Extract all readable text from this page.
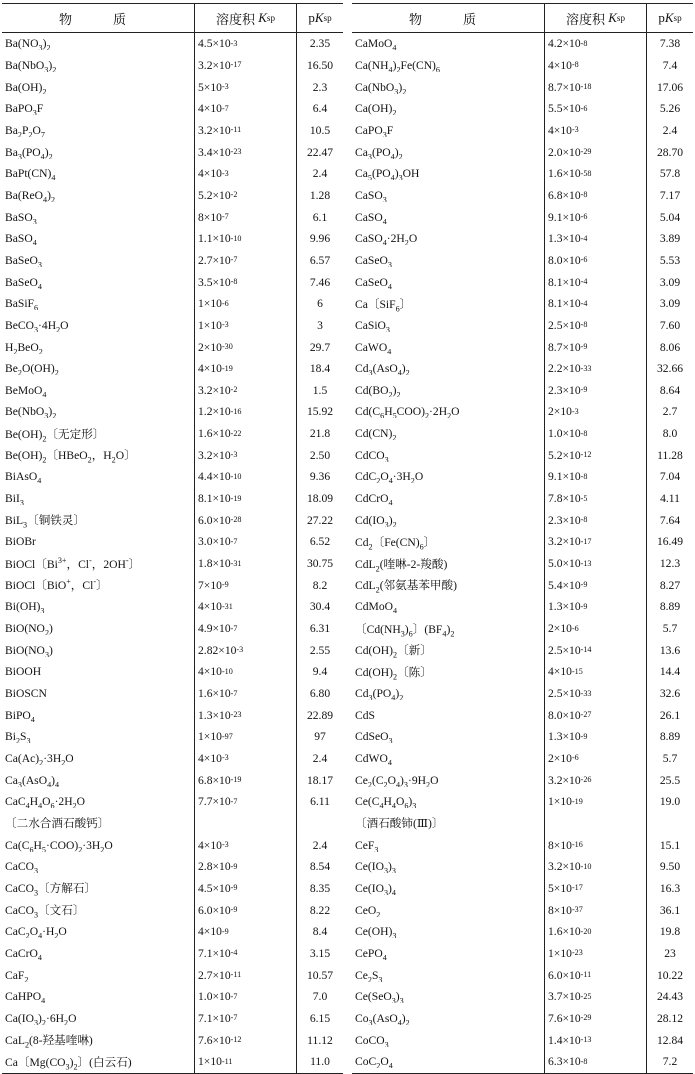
物　质	溶度积 K sp	p K sp
$Ba(NO_3)_2$	4.5×10 -3	2.35
$Ba(NbO_3)_2$	3.2×10 -17	16.50
$Ba(OH)_2$	5×10 -3	2.3
BaPO$_3$F	4×10 -7	6.4
$Ba_2P_2O_7$	3.2×10 -11	10.5
$Ba_3(PO_4)_2$	3.4×10 -23	22.47
$BaPt(CN)_4$	4×10 -3	2.4
$Ba(ReO_4)_2$	5.2×10 -2	1.28
BaSO$_3$	8×10 -7	6.1
BaSO$_4$	1.1×10 -10	9.96
BaSeO$_3$	2.7×10 -7	6.57
BaSeO$_4$	3.5×10 -8	7.46
BaSiF$_6$	1×10 -6	6
$BeCO_3\cdot 4H_2O$	1×10 -3	3
$H_2BeO_2$	2×10 -30	29.7
$Be_2O(OH)_2$	4×10 -19	18.4
BeMoO$_4$	3.2×10 -2	1.5
$Be(NbO_3)_2$	1.2×10 -16	15.92
$Be(OH)_2$〔无定形〕	1.6×10 -22	21.8
$Be(OH)_2$〔HBeO$_2$，$H_2O$〕	3.2×10 -3	2.50
BiAsO$_4$	4.4×10 -10	9.36
BiI$_3$	8.1×10 -19	18.09
BiL$_3$〔铜铁灵〕	6.0×10 -28	27.22
BiOBr	3.0×10 -7	6.52
BiOCl〔$Bi^{3+}$，Cl-，2OH-〕	1.8×10 -31	30.75
BiOCl〔BiO+，Cl-〕	7×10 -9	8.2
$Bi(OH)_3$	4×10 -31	30.4
$BiO(NO_2)$	4.9×10 -7	6.31
$BiO(NO_3)$	2.82×10 -3	2.55
BiOOH	4×10 -10	9.4
BiOSCN	1.6×10 -7	6.80
BiPO$_4$	1.3×10 -23	22.89
$Bi_2S_3$	1×10 -97	97
$Ca(Ac)_2\cdot 3H_2O$	4×10 -3	2.4
$Ca_3(AsO_4)_4$	6.8×10 -19	18.17
$CaC_4H_4O_6\cdot 2H_2O$	7.7×10 -7	6.11
〔二水合酒石酸钙〕
$Ca(C_6H_5\cdot COO)_2\cdot 3H_2O$	4×10 -3	2.4
CaCO$_3$	2.8×10 -9	8.54
CaCO$_3$〔方解石〕	4.5×10 -9	8.35
CaCO$_3$〔文石〕	6.0×10 -9	8.22
$CaC_2O_4\cdot H_2O$	4×10 -9	8.4
CaCrO$_4$	7.1×10 -4	3.15
CaF$_2$	2.7×10 -11	10.57
CaHPO$_4$	1.0×10 -7	7.0
$Ca(IO_3)_2\cdot 6H_2O$	7.1×10 -7	6.15
CaL$_2$(8-羟基喹啉)	7.6×10 -12	11.12
Ca〔$Mg(CO_3)_2$〕(白云石)	1×10 -11	11.0
物　质	溶度积 K sp	p K sp
CaMoO$_4$	4.2×10 -8	7.38
$Ca(NH_4)_2Fe(CN)_6$	4×10 -8	7.4
$Ca(NbO_3)_2$	8.7×10 -18	17.06
$Ca(OH)_2$	5.5×10 -6	5.26
CaPO$_3$F	4×10 -3	2.4
$Ca_3(PO_4)_2$	2.0×10 -29	28.70
$Ca_5(PO_4)_3OH$	1.6×10 -58	57.8
CaSO$_3$	6.8×10 -8	7.17
CaSO$_4$	9.1×10 -6	5.04
$CaSO_4\cdot 2H_2O$	1.3×10 -4	3.89
CaSeO$_3$	8.0×10 -6	5.53
CaSeO$_4$	8.1×10 -4	3.09
Ca〔SiF$_6$〕	8.1×10 -4	3.09
CaSiO$_3$	2.5×10 -8	7.60
CaWO$_4$	8.7×10 -9	8.06
$Cd_3(AsO_4)_2$	2.2×10 -33	32.66
$Cd(BO_2)_2$	2.3×10 -9	8.64
$Cd(C_6H_5COO)_2\cdot 2H_2O$	2×10 -3	2.7
$Cd(CN)_2$	1.0×10 -8	8.0
CdCO$_3$	5.2×10 -12	11.28
$CdC_2O_4\cdot 3H_2O$	9.1×10 -8	7.04
CdCrO$_4$	7.8×10 -5	4.11
$Cd(IO_3)_2$	2.3×10 -8	7.64
$Cd_2$〔$Fe(CN)_6$〕	3.2×10 -17	16.49
CdL$_2$(喹啉-2-羧酸)	5.0×10 -13	12.3
CdL$_2$(邻氨基苯甲酸)	5.4×10 -9	8.27
CdMoO$_4$	1.3×10 -9	8.89
〔$Cd(NH_3)_6$〕$(BF_4)_2$	2×10 -6	5.7
$Cd(OH)_2$〔新〕	2.5×10 -14	13.6
$Cd(OH)_2$〔陈〕	4×10 -15	14.4
$Cd_3(PO_4)_2$	2.5×10 -33	32.6
CdS	8.0×10 -27	26.1
CdSeO$_3$	1.3×10 -9	8.89
CdWO$_4$	2×10 -6	5.7
$Ce_2(C_2O_4)_3\cdot 9H_2O$	3.2×10 -26	25.5
$Ce(C_4H_4O_6)_3$	1×10 -19	19.0
〔酒石酸铈(Ⅲ)〕
CeF$_3$	8×10 -16	15.1
$Ce(IO_3)_3$	3.2×10 -10	9.50
$Ce(IO_3)_4$	5×10 -17	16.3
CeO$_2$	8×10 -37	36.1
$Ce(OH)_3$	1.6×10 -20	19.8
CePO$_4$	1×10 -23	23
$Ce_2S_3$	6.0×10 -11	10.22
$Ce(SeO_3)_3$	3.7×10 -25	24.43
$Co_3(AsO_4)_2$	7.6×10 -29	28.12
CoCO$_3$	1.4×10 -13	12.84
$CoC_2O_4$	6.3×10 -8	7.2
